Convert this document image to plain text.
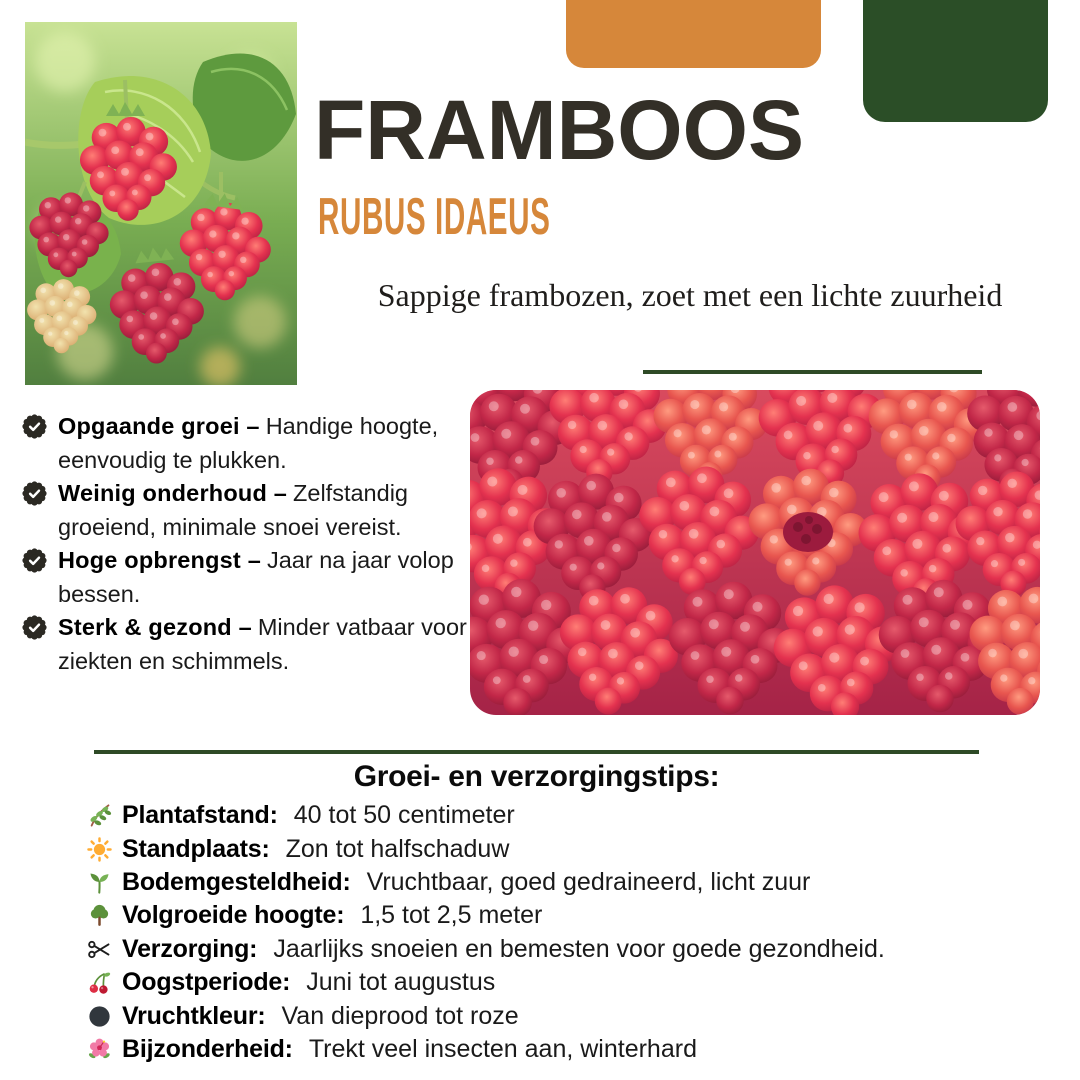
FRAMBOOS
RUBUS IDAEUS
Sappige frambozen, zoet met een lichte zuurheid
Opgaande groei – Handige hoogte, eenvoudig te plukken.
Weinig onderhoud – Zelfstandig groeiend, minimale snoei vereist.
Hoge opbrengst – Jaar na jaar volop bessen.
Sterk & gezond – Minder vatbaar voor ziekten en schimmels.
Groei- en verzorgingstips:
Plantafstand: 40 tot 50 centimeter
Standplaats: Zon tot halfschaduw
Bodemgesteldheid: Vruchtbaar, goed gedraineerd, licht zuur
Volgroeide hoogte: 1,5 tot 2,5 meter
Verzorging: Jaarlijks snoeien en bemesten voor goede gezondheid.
Oogstperiode: Juni tot augustus
Vruchtkleur: Van dieprood tot roze
Bijzonderheid: Trekt veel insecten aan, winterhard
